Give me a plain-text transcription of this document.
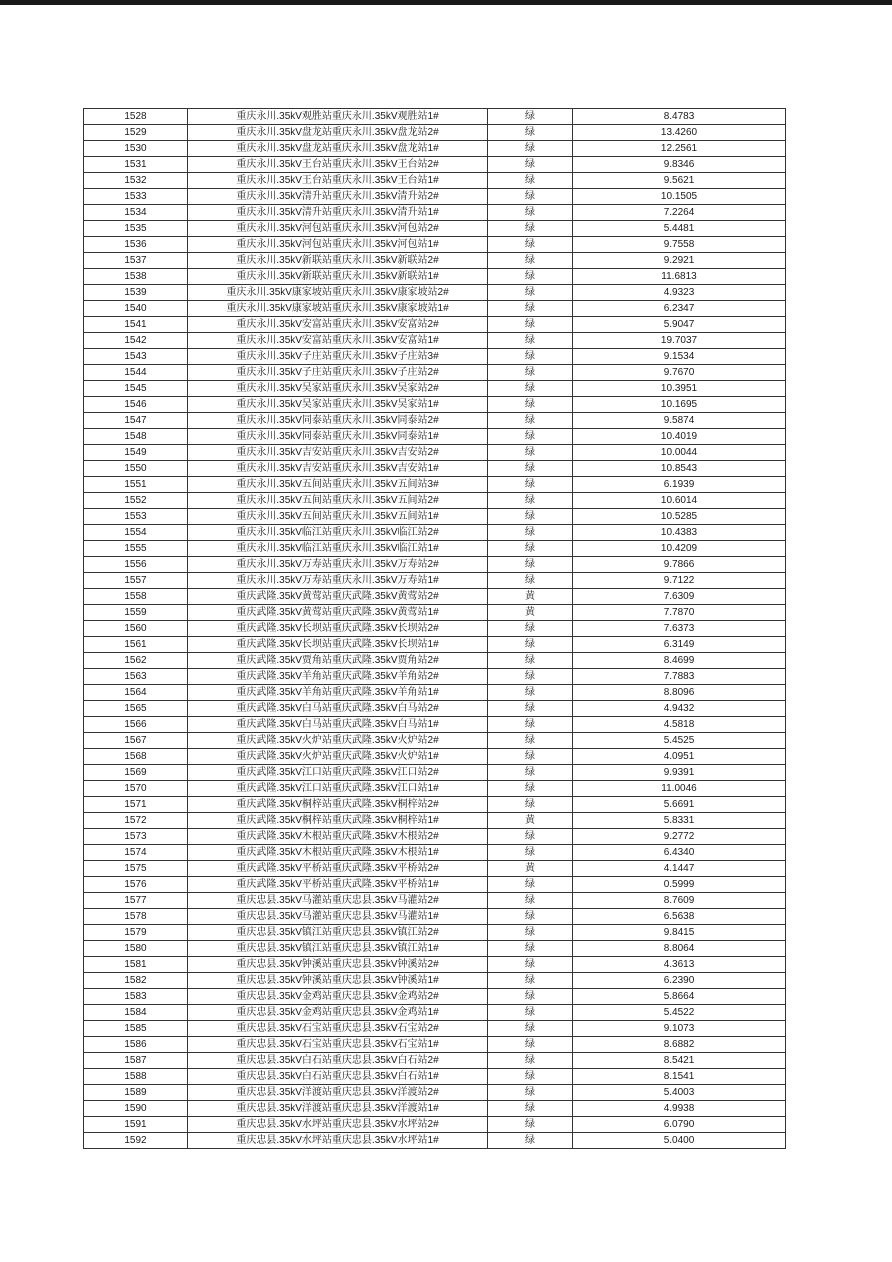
1528	重庆永川.35kV观胜站重庆永川.35kV观胜站1#	绿	8.4783
1529	重庆永川.35kV盘龙站重庆永川.35kV盘龙站2#	绿	13.4260
1530	重庆永川.35kV盘龙站重庆永川.35kV盘龙站1#	绿	12.2561
1531	重庆永川.35kV王台站重庆永川.35kV王台站2#	绿	9.8346
1532	重庆永川.35kV王台站重庆永川.35kV王台站1#	绿	9.5621
1533	重庆永川.35kV清升站重庆永川.35kV清升站2#	绿	10.1505
1534	重庆永川.35kV清升站重庆永川.35kV清升站1#	绿	7.2264
1535	重庆永川.35kV河包站重庆永川.35kV河包站2#	绿	5.4481
1536	重庆永川.35kV河包站重庆永川.35kV河包站1#	绿	9.7558
1537	重庆永川.35kV新联站重庆永川.35kV新联站2#	绿	9.2921
1538	重庆永川.35kV新联站重庆永川.35kV新联站1#	绿	11.6813
1539	重庆永川.35kV康家坡站重庆永川.35kV康家坡站2#	绿	4.9323
1540	重庆永川.35kV康家坡站重庆永川.35kV康家坡站1#	绿	6.2347
1541	重庆永川.35kV安富站重庆永川.35kV安富站2#	绿	5.9047
1542	重庆永川.35kV安富站重庆永川.35kV安富站1#	绿	19.7037
1543	重庆永川.35kV子庄站重庆永川.35kV子庄站3#	绿	9.1534
1544	重庆永川.35kV子庄站重庆永川.35kV子庄站2#	绿	9.7670
1545	重庆永川.35kV吴家站重庆永川.35kV吴家站2#	绿	10.3951
1546	重庆永川.35kV吴家站重庆永川.35kV吴家站1#	绿	10.1695
1547	重庆永川.35kV同泰站重庆永川.35kV同泰站2#	绿	9.5874
1548	重庆永川.35kV同泰站重庆永川.35kV同泰站1#	绿	10.4019
1549	重庆永川.35kV吉安站重庆永川.35kV吉安站2#	绿	10.0044
1550	重庆永川.35kV吉安站重庆永川.35kV吉安站1#	绿	10.8543
1551	重庆永川.35kV五间站重庆永川.35kV五间站3#	绿	6.1939
1552	重庆永川.35kV五间站重庆永川.35kV五间站2#	绿	10.6014
1553	重庆永川.35kV五间站重庆永川.35kV五间站1#	绿	10.5285
1554	重庆永川.35kV临江站重庆永川.35kV临江站2#	绿	10.4383
1555	重庆永川.35kV临江站重庆永川.35kV临江站1#	绿	10.4209
1556	重庆永川.35kV万寿站重庆永川.35kV万寿站2#	绿	9.7866
1557	重庆永川.35kV万寿站重庆永川.35kV万寿站1#	绿	9.7122
1558	重庆武隆.35kV黄莺站重庆武隆.35kV黄莺站2#	黄	7.6309
1559	重庆武隆.35kV黄莺站重庆武隆.35kV黄莺站1#	黄	7.7870
1560	重庆武隆.35kV长坝站重庆武隆.35kV长坝站2#	绿	7.6373
1561	重庆武隆.35kV长坝站重庆武隆.35kV长坝站1#	绿	6.3149
1562	重庆武隆.35kV贾角站重庆武隆.35kV贾角站2#	绿	8.4699
1563	重庆武隆.35kV羊角站重庆武隆.35kV羊角站2#	绿	7.7883
1564	重庆武隆.35kV羊角站重庆武隆.35kV羊角站1#	绿	8.8096
1565	重庆武隆.35kV白马站重庆武隆.35kV白马站2#	绿	4.9432
1566	重庆武隆.35kV白马站重庆武隆.35kV白马站1#	绿	4.5818
1567	重庆武隆.35kV火炉站重庆武隆.35kV火炉站2#	绿	5.4525
1568	重庆武隆.35kV火炉站重庆武隆.35kV火炉站1#	绿	4.0951
1569	重庆武隆.35kV江口站重庆武隆.35kV江口站2#	绿	9.9391
1570	重庆武隆.35kV江口站重庆武隆.35kV江口站1#	绿	11.0046
1571	重庆武隆.35kV桐梓站重庆武隆.35kV桐梓站2#	绿	5.6691
1572	重庆武隆.35kV桐梓站重庆武隆.35kV桐梓站1#	黄	5.8331
1573	重庆武隆.35kV木根站重庆武隆.35kV木根站2#	绿	9.2772
1574	重庆武隆.35kV木根站重庆武隆.35kV木根站1#	绿	6.4340
1575	重庆武隆.35kV平桥站重庆武隆.35kV平桥站2#	黄	4.1447
1576	重庆武隆.35kV平桥站重庆武隆.35kV平桥站1#	绿	0.5999
1577	重庆忠县.35kV马灌站重庆忠县.35kV马灌站2#	绿	8.7609
1578	重庆忠县.35kV马灌站重庆忠县.35kV马灌站1#	绿	6.5638
1579	重庆忠县.35kV镇江站重庆忠县.35kV镇江站2#	绿	9.8415
1580	重庆忠县.35kV镇江站重庆忠县.35kV镇江站1#	绿	8.8064
1581	重庆忠县.35kV钟溪站重庆忠县.35kV钟溪站2#	绿	4.3613
1582	重庆忠县.35kV钟溪站重庆忠县.35kV钟溪站1#	绿	6.2390
1583	重庆忠县.35kV金鸡站重庆忠县.35kV金鸡站2#	绿	5.8664
1584	重庆忠县.35kV金鸡站重庆忠县.35kV金鸡站1#	绿	5.4522
1585	重庆忠县.35kV石宝站重庆忠县.35kV石宝站2#	绿	9.1073
1586	重庆忠县.35kV石宝站重庆忠县.35kV石宝站1#	绿	8.6882
1587	重庆忠县.35kV白石站重庆忠县.35kV白石站2#	绿	8.5421
1588	重庆忠县.35kV白石站重庆忠县.35kV白石站1#	绿	8.1541
1589	重庆忠县.35kV洋渡站重庆忠县.35kV洋渡站2#	绿	5.4003
1590	重庆忠县.35kV洋渡站重庆忠县.35kV洋渡站1#	绿	4.9938
1591	重庆忠县.35kV水坪站重庆忠县.35kV水坪站2#	绿	6.0790
1592	重庆忠县.35kV水坪站重庆忠县.35kV水坪站1#	绿	5.0400
